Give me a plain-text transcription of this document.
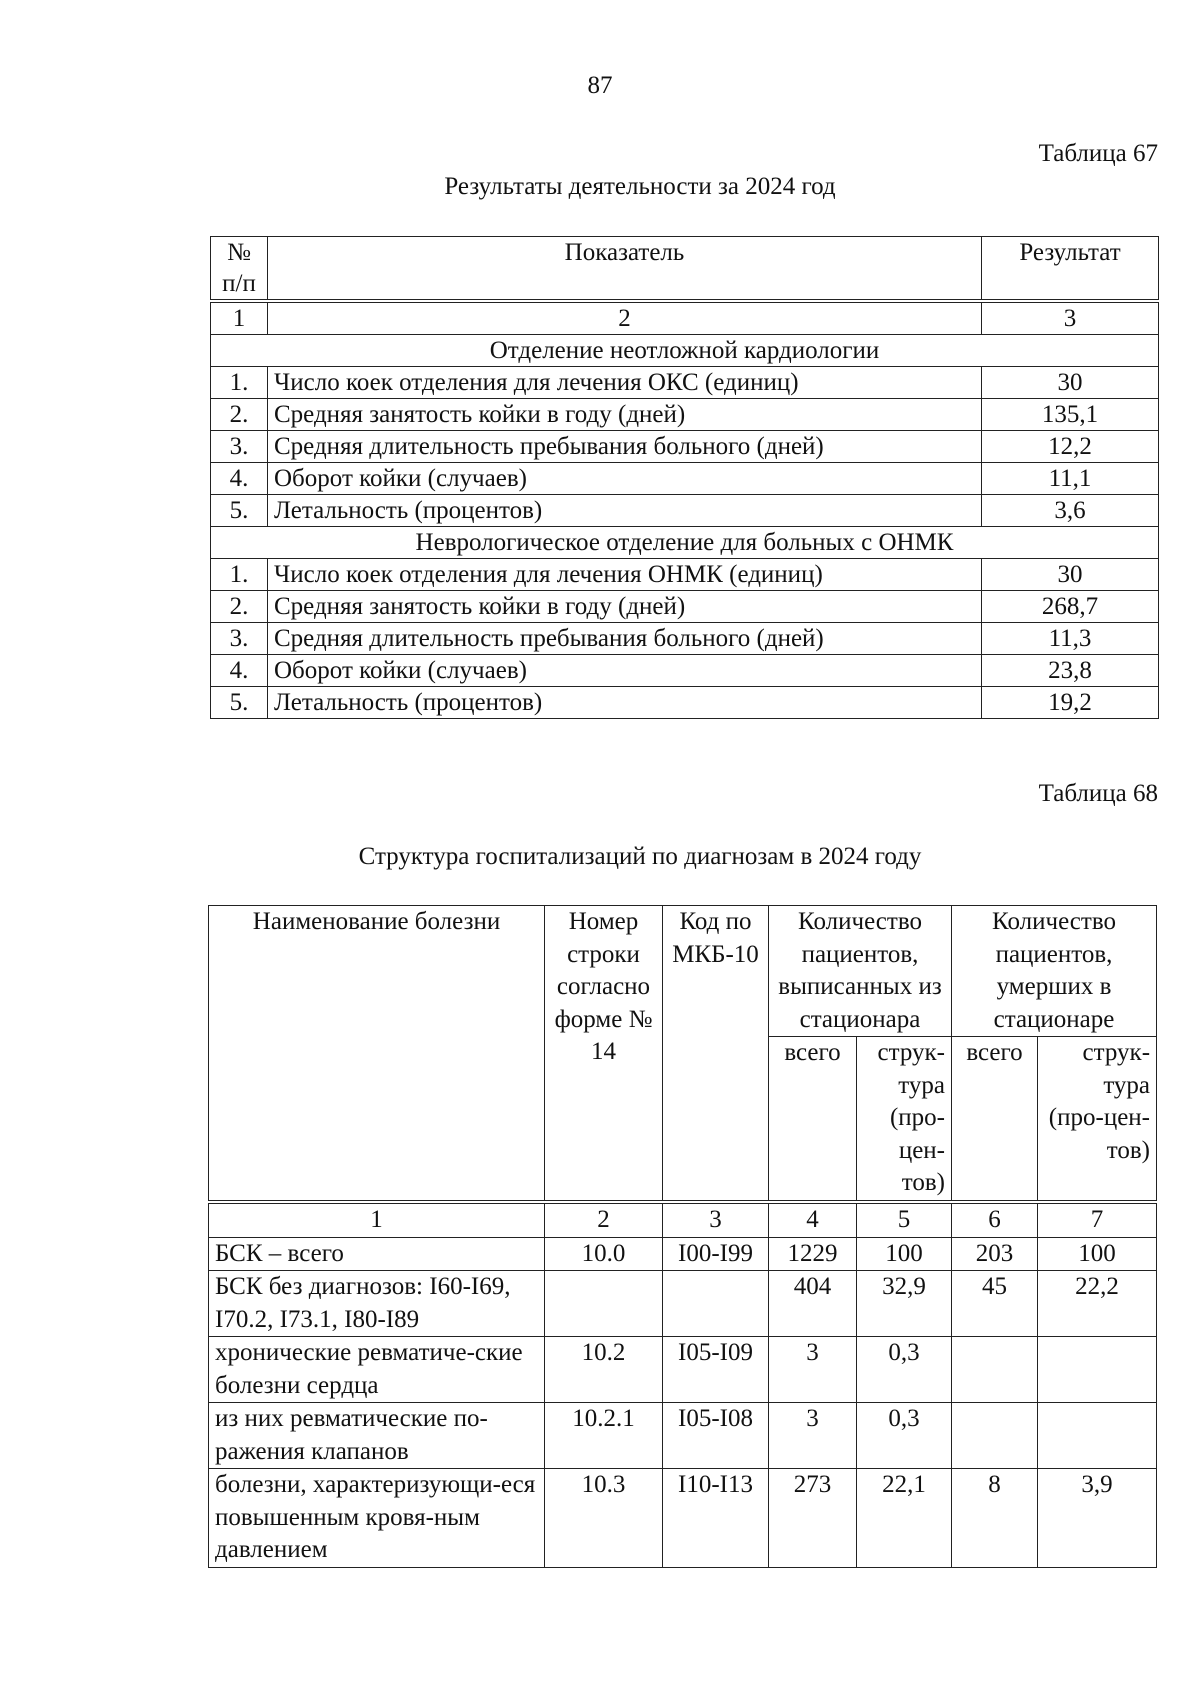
87
Таблица 67
Результаты деятельности за 2024 год
№ п/п	Показатель	Результат
1	2	3
Отделение неотложной кардиологии		
1.	Число коек отделения для лечения ОКС (единиц)	30
2.	Средняя занятость койки в году (дней)	135,1
3.	Средняя длительность пребывания больного (дней)	12,2
4.	Оборот койки (случаев)	11,1
5.	Летальность (процентов)	3,6
Неврологическое отделение для больных с ОНМК		
1.	Число коек отделения для лечения ОНМК (единиц)	30
2.	Средняя занятость койки в году (дней)	268,7
3.	Средняя длительность пребывания больного (дней)	11,3
4.	Оборот койки (случаев)	23,8
5.	Летальность (процентов)	19,2
Таблица 68
Структура госпитализаций по диагнозам в 2024 году
Наименование болезни	Номер строки согласно форме № 14	Код по МКБ-10	Количество пациентов, выписанных из стационара		Количество пациентов, умерших в стационаре	
			всего	струк-тура (про-цен-тов)	всего	струк-тура (про-цен-тов)
1	2	3	4	5	6	7
БСК – всего	10.0	I00-I99	1229	100	203	100
БСК без диагнозов: I60-I69, I70.2, I73.1, I80-I89			404	32,9	45	22,2
хронические ревматиче-ские болезни сердца	10.2	I05-I09	3	0,3		
из них ревматические по-ражения клапанов	10.2.1	I05-I08	3	0,3		
болезни, характеризующи-еся повышенным кровя-ным давлением	10.3	I10-I13	273	22,1	8	3,9
